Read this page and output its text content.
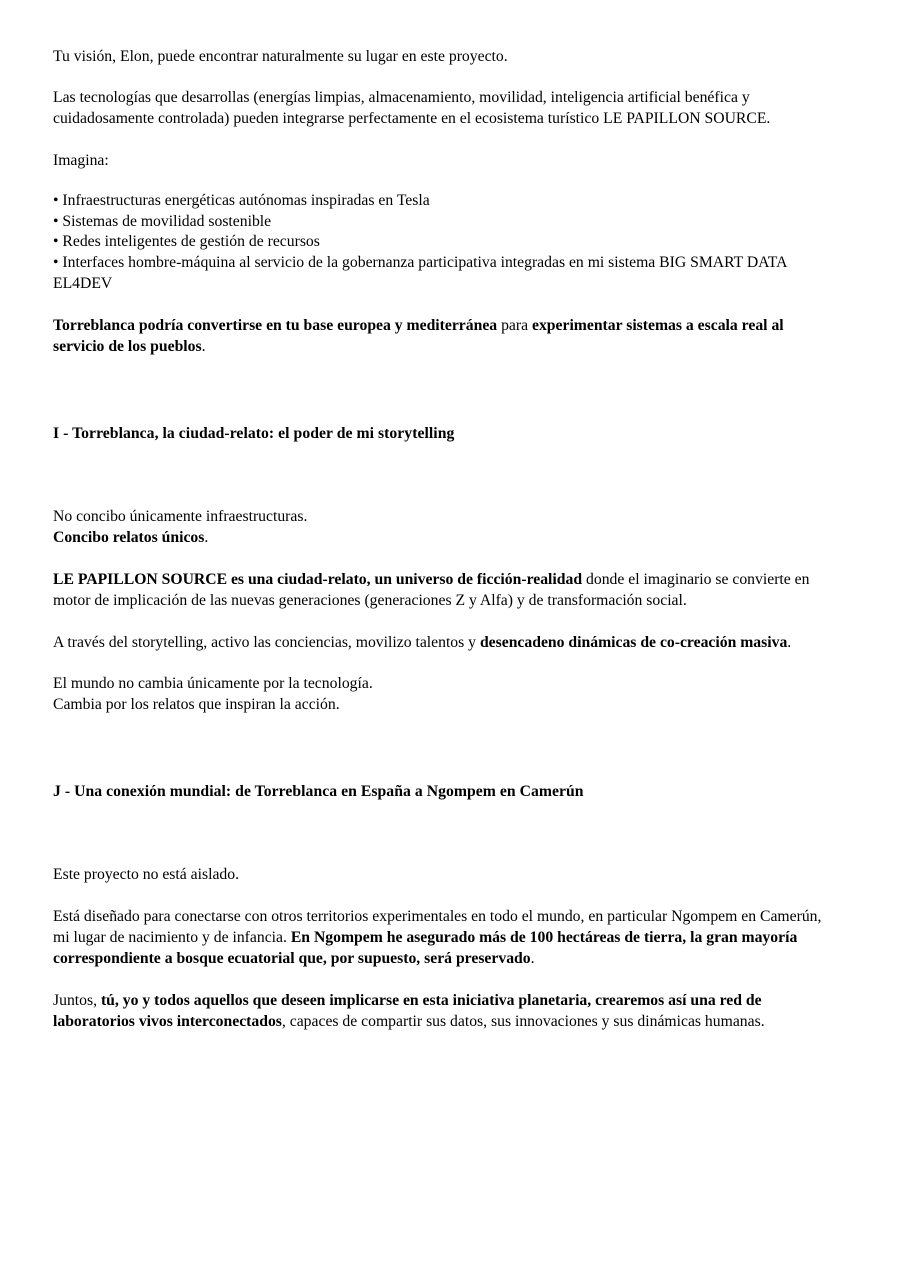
Tu visión, Elon, puede encontrar naturalmente su lugar en este proyecto.

Las tecnologías que desarrollas (energías limpias, almacenamiento, movilidad, inteligencia artificial benéfica y cuidadosamente controlada) pueden integrarse perfectamente en el ecosistema turístico LE PAPILLON SOURCE.

Imagina:

• Infraestructuras energéticas autónomas inspiradas en Tesla
• Sistemas de movilidad sostenible
• Redes inteligentes de gestión de recursos
• Interfaces hombre-máquina al servicio de la gobernanza participativa integradas en mi sistema BIG SMART DATA EL4DEV

Torreblanca podría convertirse en tu base europea y mediterránea para experimentar sistemas a escala real al servicio de los pueblos.

I - Torreblanca, la ciudad-relato: el poder de mi storytelling

No concibo únicamente infraestructuras.
Concibo relatos únicos.

LE PAPILLON SOURCE es una ciudad-relato, un universo de ficción-realidad donde el imaginario se convierte en motor de implicación de las nuevas generaciones (generaciones Z y Alfa) y de transformación social.

A través del storytelling, activo las conciencias, movilizo talentos y desencadeno dinámicas de co-creación masiva.

El mundo no cambia únicamente por la tecnología.
Cambia por los relatos que inspiran la acción.

J - Una conexión mundial: de Torreblanca en España a Ngompem en Camerún

Este proyecto no está aislado.

Está diseñado para conectarse con otros territorios experimentales en todo el mundo, en particular Ngompem en Camerún, mi lugar de nacimiento y de infancia. En Ngompem he asegurado más de 100 hectáreas de tierra, la gran mayoría correspondiente a bosque ecuatorial que, por supuesto, será preservado.

Juntos, tú, yo y todos aquellos que deseen implicarse en esta iniciativa planetaria, crearemos así una red de laboratorios vivos interconectados, capaces de compartir sus datos, sus innovaciones y sus dinámicas humanas.
